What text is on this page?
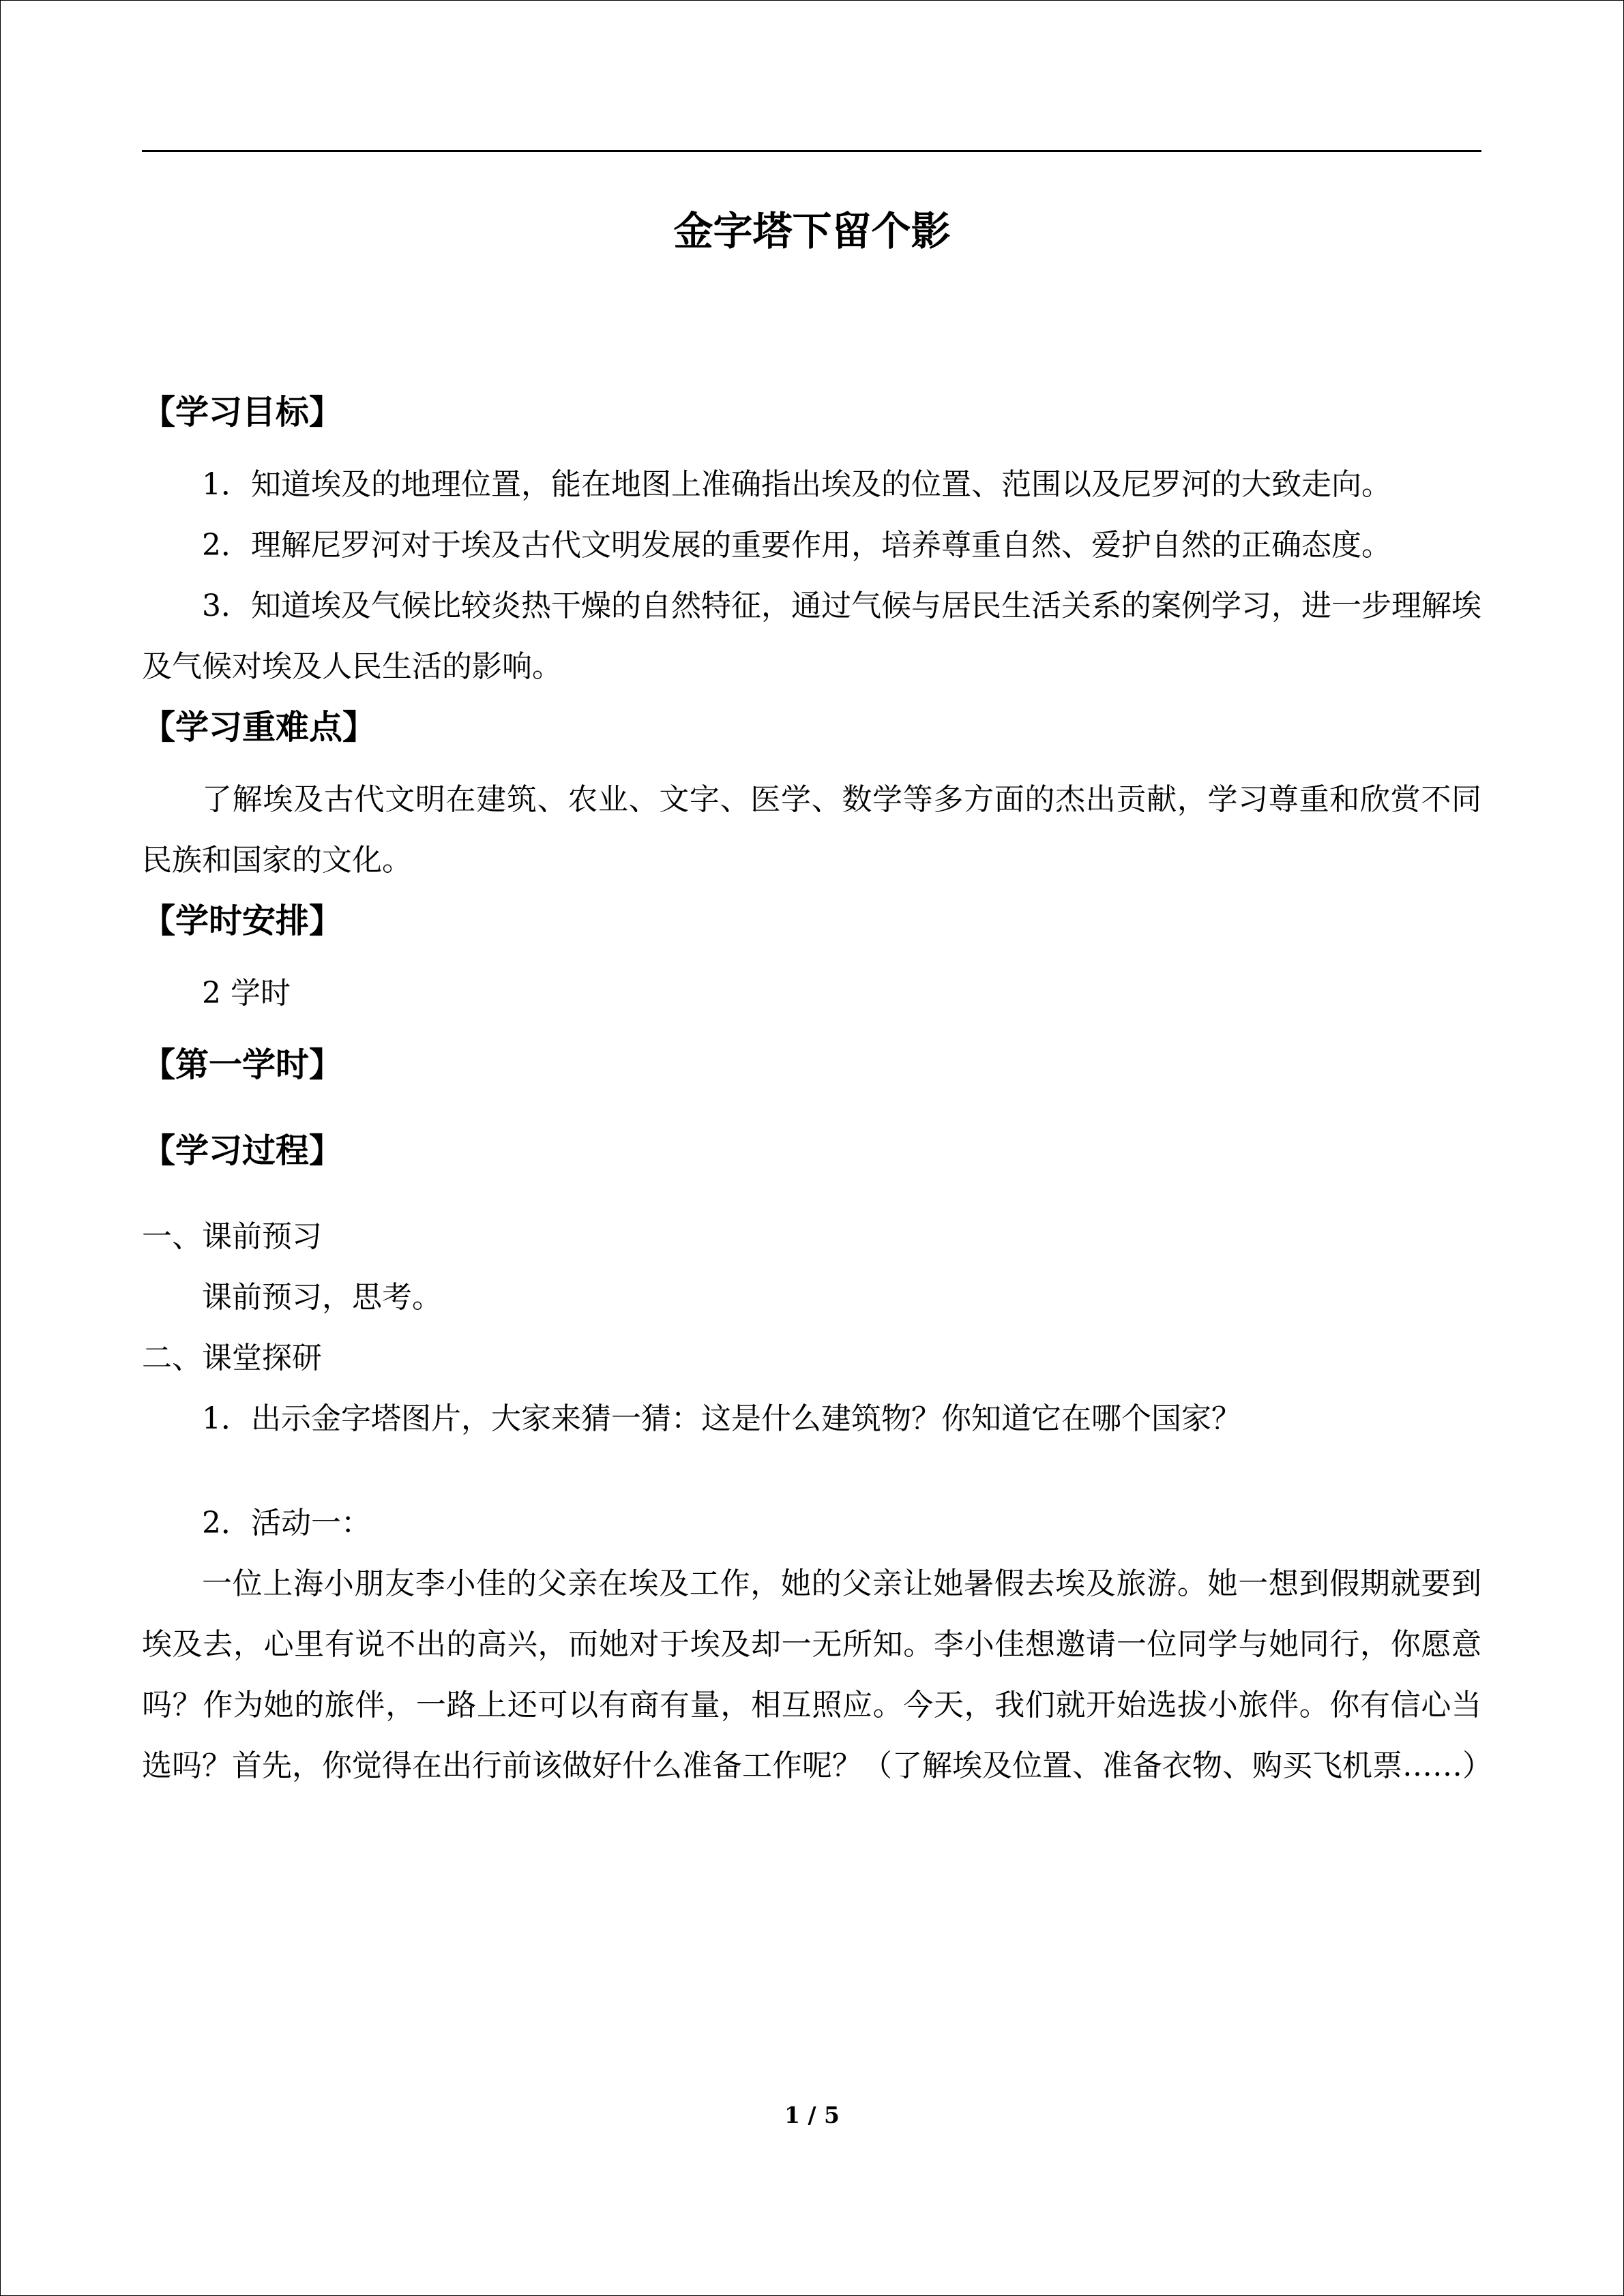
金字塔下留个影
【学习目标】

1．知道埃及的地理位置，能在地图上准确指出埃及的位置、范围以及尼罗河的大致走向。

2．理解尼罗河对于埃及古代文明发展的重要作用，培养尊重自然、爱护自然的正确态度。

3．知道埃及气候比较炎热干燥的自然特征，通过气候与居民生活关系的案例学习，进一步理解埃及气候对埃及人民生活的影响。

【学习重难点】

了解埃及古代文明在建筑、农业、文字、医学、数学等多方面的杰出贡献，学习尊重和欣赏不同民族和国家的文化。

【学时安排】

2 学时

【第一学时】
【学习过程】

一、课前预习

课前预习，思考。

二、课堂探研

1．出示金字塔图片，大家来猜一猜：这是什么建筑物？你知道它在哪个国家？

2．活动一：

一位上海小朋友李小佳的父亲在埃及工作，她的父亲让她暑假去埃及旅游。她一想到假期就要到埃及去，心里有说不出的高兴，而她对于埃及却一无所知。李小佳想邀请一位同学与她同行，你愿意吗？作为她的旅伴，一路上还可以有商有量，相互照应。今天，我们就开始选拔小旅伴。你有信心当选吗？首先，你觉得在出行前该做好什么准备工作呢？（了解埃及位置、准备衣物、购买飞机票……）

1 / 5
